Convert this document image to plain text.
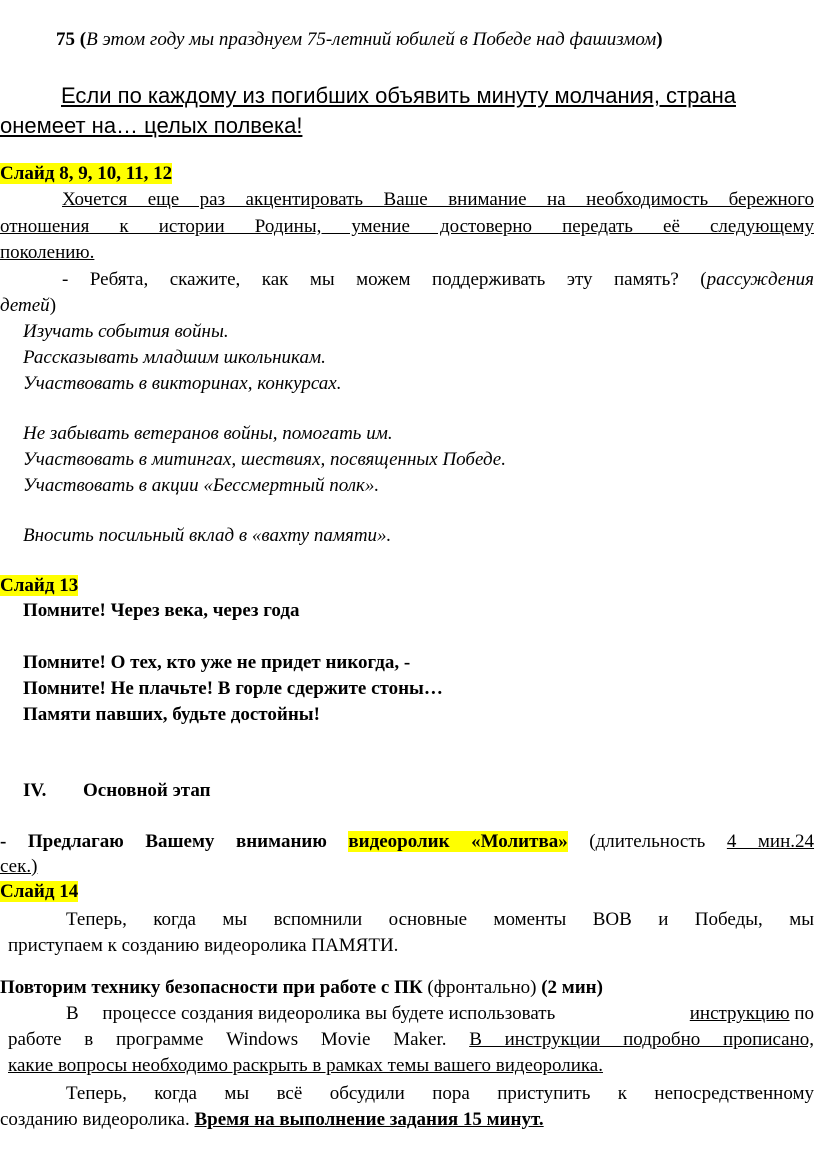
75 (В этом году мы празднуем 75-летний юбилей в Победе над фашизмом)
Если по каждому из погибших объявить минуту молчания, страна
онемеет на… целых полвека!
Слайд 8, 9, 10, 11, 12
Хочется еще раз акцентировать Ваше внимание на необходимость бережного
отношения к истории Родины, умение достоверно передать её следующему
поколению.
- Ребята, скажите, как мы можем поддерживать эту память? (рассуждения
детей)
Изучать события войны.
Рассказывать младшим школьникам.
Участвовать в викторинах, конкурсах.
Не забывать ветеранов войны, помогать им.
Участвовать в митингах, шествиях, посвященных Победе.
Участвовать в акции «Бессмертный полк».
Вносить посильный вклад в «вахту памяти».
Слайд 13
Помните! Через века, через года
Помните! О тех, кто уже не придет никогда, -
Помните! Не плачьте! В горле сдержите стоны…
Памяти павших, будьте достойны!
IV. Основной этап
- Предлагаю Вашему вниманию видеоролик «Молитва» (длительность 4 мин.24
сек.)
Слайд 14
Теперь, когда мы вспомнили основные моменты ВОВ и Победы, мы
приступаем к созданию видеоролика ПАМЯТИ.
Повторим технику безопасности при работе с ПК (фронтально) (2 мин)
В     процессе создания видеоролика вы будете использовать	инструкцию по
работе в программе Windows Movie Maker. В инструкции подробно прописано,
какие вопросы необходимо раскрыть в рамках темы вашего видеоролика.
Теперь, когда мы всё обсудили пора приступить к непосредственному
созданию видеоролика. Время на выполнение задания 15 минут.
